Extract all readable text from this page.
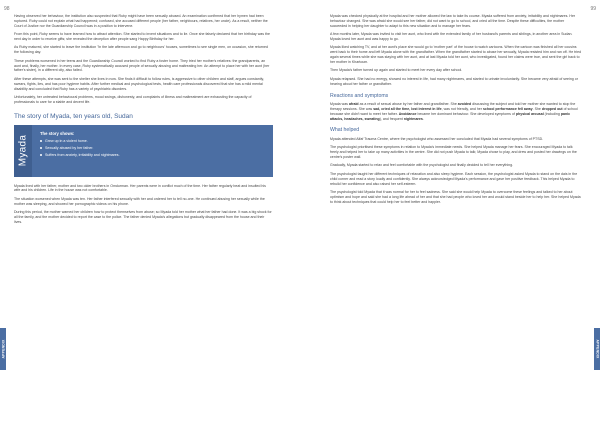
98	99
APPENDIX	APPENDIX

Having observed her behaviour, the institution also suspected that Ruby might have been sexually abused. An examination confirmed that her hymen had been ruptured. Ruby could not explain what had happened; confused, she accused different people (her father, neighbours, relatives, her uncle). As a result, neither the Court of Justice nor the Guardianship Council was in a position to intervene.

From this point, Ruby seems to have learned how to attract attention. She started to invent situations and to lie. Once she falsely declared that her birthday was the next day in order to receive gifts; she revealed the deception after people sang Happy Birthday for her.

As Ruby matured, she started to leave the institution "in the late afternoon and go to neighbours' houses, sometimes to see single men, on occasion, she returned the following day.

These problems worsened in her teens and the Guardianship Council worked to find Ruby a foster home. They tried her mother's relatives: the grandparents, an aunt and, finally, her mother. In every case, Ruby systematically accused people of sexually abusing and maltreating her. An attempt to place her with her aunt (her father's sister), in a different city, also failed.

After these attempts, she was sent to the shelter she lives in now. She finds it difficult to follow rules, is aggressive to other children and staff, argues constantly, swears, fights, lies, and has poor hygiene habits. After further medical and psychological tests, health care professionals discovered that she has a mild mental disability and concluded that Ruby has a variety of psychiatric disorders.

Unfortunately, her untreated behavioural problems, mood swings, dishonesty, and complaints of illness and maltreatment are exhausting the capacity of professionals to care for a stable and decent life.

The story of Myada, ten years old, Sudan
Myada
The story shows:
Grew up in a violent home.
Sexually abused by her father.
Suffers from anxiety, irritability and nightmares.

Myada lived with her father, mother and two older brothers in Omdurman. Her parents were in conflict much of the time. Her father regularly beat and insulted his wife and his children. Life in the house was not comfortable.

The situation worsened when Myada was ten. Her father interfered sexually with her and ordered her to tell no-one. He continued abusing her sexually while the mother was sleeping, and showed her pornographic videos on his phone.

During this period, the mother warned her children how to protect themselves from abuse; so Myada told her mother what her father had done. It was a big shock for all the family, and the mother decided to report the case to the police. The father denied Myada's allegations but gradually disappeared from the house and their lives.

Myada was checked physically at the hospital and her mother allowed the law to take its course. Myada suffered from anxiety, irritability and nightmares. Her behaviour changed. She was afraid she would see her father, did not want to go to school, and cried all the time. Despite these difficulties, the mother succeeded in helping her daughter to adapt to this new situation and to manage her fears.

A few months later, Myada was invited to visit her aunt, who lived with the extended family of her husband's parents and siblings, in another area in Sudan. Myada loved her aunt and was happy to go.

Myada liked watching TV, and at her aunt's place she would go to 'mother part' of the house to watch cartoons. When the cartoon was finished all her cousins went back to their home and left Myada alone with the grandfather. When the grandfather started to abuse her sexually, Myada resisted him and ran off. He tried again several times while she was staying with her aunt, and at last Myada told her aunt, who investigated, found her claims were true, and sent the girl back to her mother in Khartoum.

Then Myada's father turned up again and started to meet her every day after school.

Myada relapsed. She had no energy, showed no interest in life, had many nightmares, and started to urinate involuntarily. She became very afraid of seeing or hearing about her father or grandfather.

Reactions and symptoms

Myada was afraid as a result of sexual abuse by her father and grandfather. She avoided discussing the subject and told her mother she wanted to stop the therapy sessions. She was sad, cried all the time, lost interest in life, was not friendly, and her school performance fell away. She dropped out of school because she didn't want to meet her father. Avoidance became her dominant behaviour. She developed symptoms of physical arousal (including panic attacks, headaches, sweating), and frequent nightmares.

What helped

Myada attended Alfaf Trauma Centre, where the psychologist who assessed her concluded that Myada had several symptoms of PTSD.

The psychologist prioritised these symptoms in relation to Myada's immediate needs. She helped Myada manage her fears. She encouraged Myada to talk freely and helped her to take up many activities in the centre. She did not push Myada to talk; Myada chose to play, and drew and posted her drawings on the centre's poster wall.

Gradually, Myada started to relax and feel comfortable with the psychologist and finally decided to tell her everything.

The psychologist taught her different techniques of relaxation and also sleep hygiene. Each session, the psychologist asked Myada to stand on the dais in the child corner and read a story loudly and confidently. She always acknowledged Myada's performance and gave her positive feedback. This helped Myada to rebuild her confidence and also raised her self-esteem.

The psychologist told Myada that it was normal for her to feel sadness. She said she would help Myada to overcome these feelings and talked to her about optimism and hope and said she had a long life ahead of her and that she had people who loved her and would stand beside her to help her. She helped Myada to think about techniques that could help her to feel better and happier.
